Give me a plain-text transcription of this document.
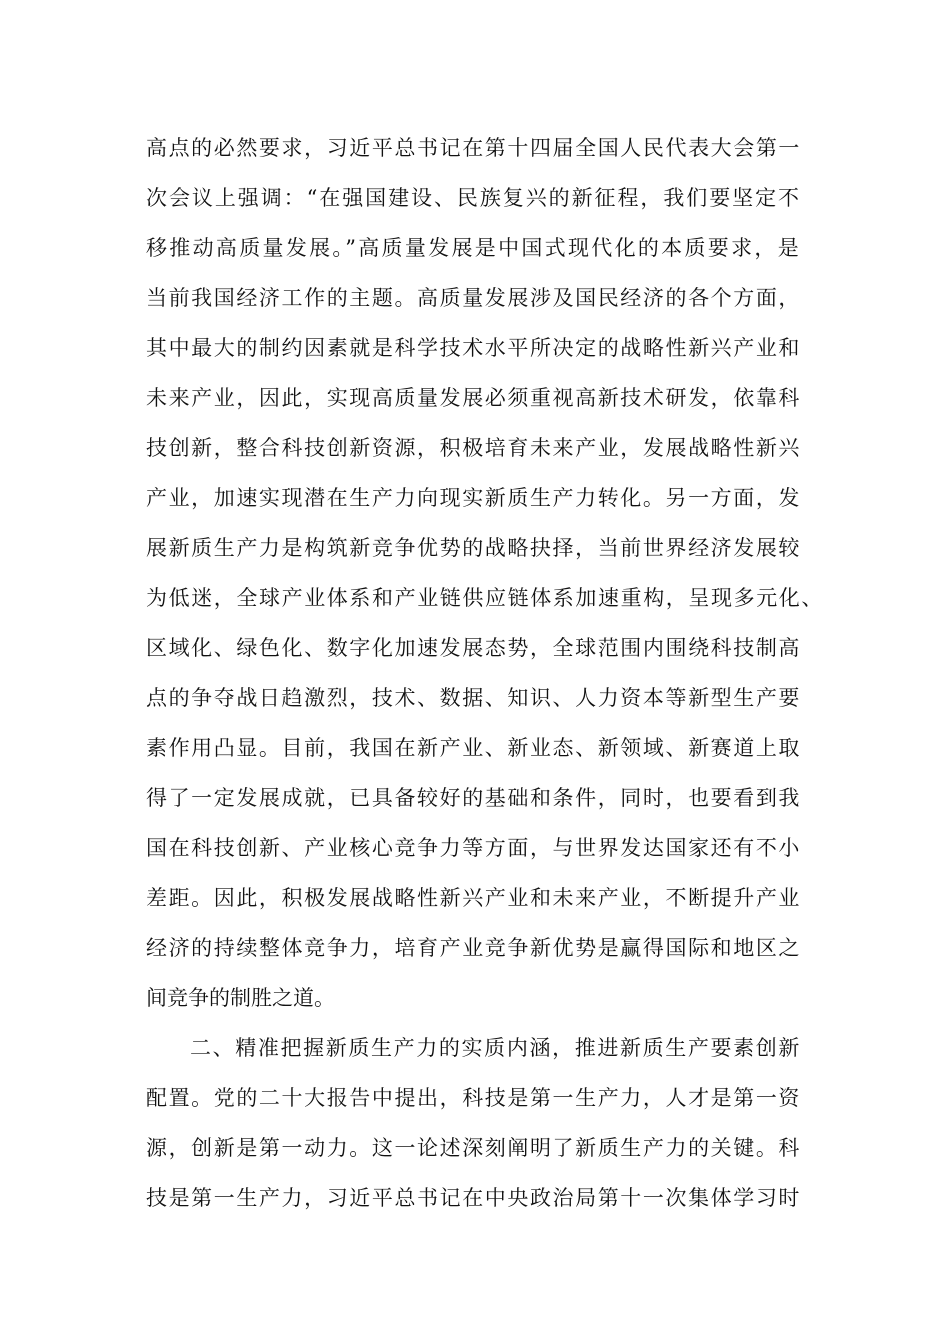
高点的必然要求，习近平总书记在第十四届全国人民代表大会第一
次会议上强调：“在强国建设、民族复兴的新征程，我们要坚定不
移推动高质量发展。”高质量发展是中国式现代化的本质要求，是
当前我国经济工作的主题。高质量发展涉及国民经济的各个方面，
其中最大的制约因素就是科学技术水平所决定的战略性新兴产业和
未来产业，因此，实现高质量发展必须重视高新技术研发，依靠科
技创新，整合科技创新资源，积极培育未来产业，发展战略性新兴
产业，加速实现潜在生产力向现实新质生产力转化。另一方面，发
展新质生产力是构筑新竞争优势的战略抉择，当前世界经济发展较
为低迷，全球产业体系和产业链供应链体系加速重构，呈现多元化、
区域化、绿色化、数字化加速发展态势，全球范围内围绕科技制高
点的争夺战日趋激烈，技术、数据、知识、人力资本等新型生产要
素作用凸显。目前，我国在新产业、新业态、新领域、新赛道上取
得了一定发展成就，已具备较好的基础和条件，同时，也要看到我
国在科技创新、产业核心竞争力等方面，与世界发达国家还有不小
差距。因此，积极发展战略性新兴产业和未来产业，不断提升产业
经济的持续整体竞争力，培育产业竞争新优势是赢得国际和地区之
间竞争的制胜之道。
二、精准把握新质生产力的实质内涵，推进新质生产要素创新
配置。党的二十大报告中提出，科技是第一生产力，人才是第一资
源，创新是第一动力。这一论述深刻阐明了新质生产力的关键。科
技是第一生产力，习近平总书记在中央政治局第十一次集体学习时
